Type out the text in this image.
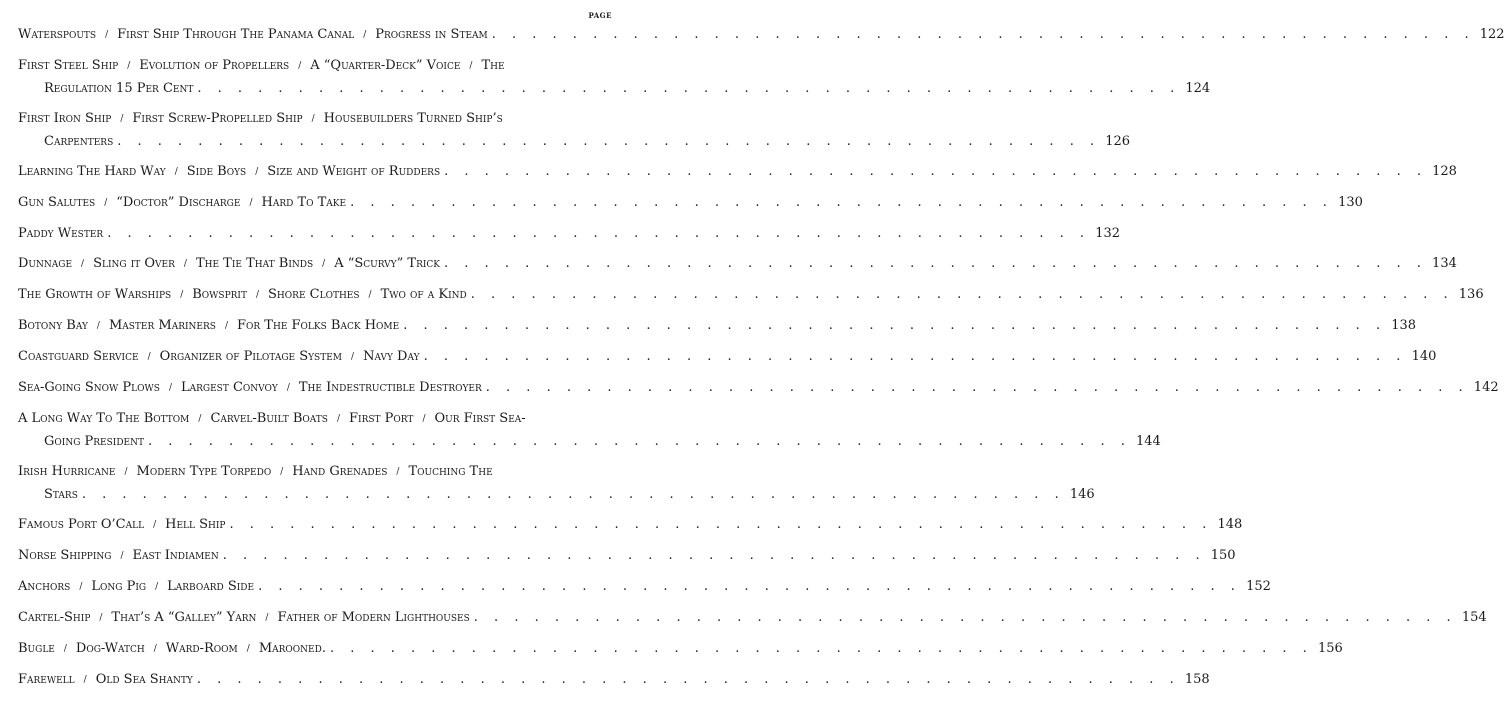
PAGE
Waterspouts / First Ship Through The Panama Canal / Progress in Steam . . . . . . . . . . . . . . . . . . . . . . . . . . . . . . . . . . . . . . . . . . . . . . . . . 122
First Steel Ship / Evolution of Propellers / A “Quarter-Deck” Voice / The
Regulation 15 Per Cent . . . . . . . . . . . . . . . . . . . . . . . . . . . . . . . . . . . . . . . . . . . . . . . . . 124
First Iron Ship / First Screw-Propelled Ship / Housebuilders Turned Ship’s
Carpenters . . . . . . . . . . . . . . . . . . . . . . . . . . . . . . . . . . . . . . . . . . . . . . . . . 126
Learning The Hard Way / Side Boys / Size and Weight of Rudders . . . . . . . . . . . . . . . . . . . . . . . . . . . . . . . . . . . . . . . . . . . . . . . . . 128
Gun Salutes / “Doctor” Discharge / Hard To Take . . . . . . . . . . . . . . . . . . . . . . . . . . . . . . . . . . . . . . . . . . . . . . . . . 130
Paddy Wester . . . . . . . . . . . . . . . . . . . . . . . . . . . . . . . . . . . . . . . . . . . . . . . . . 132
Dunnage / Sling it Over / The Tie That Binds / A “Scurvy” Trick . . . . . . . . . . . . . . . . . . . . . . . . . . . . . . . . . . . . . . . . . . . . . . . . . 134
The Growth of Warships / Bowsprit / Shore Clothes / Two of a Kind . . . . . . . . . . . . . . . . . . . . . . . . . . . . . . . . . . . . . . . . . . . . . . . . . 136
Botony Bay / Master Mariners / For The Folks Back Home . . . . . . . . . . . . . . . . . . . . . . . . . . . . . . . . . . . . . . . . . . . . . . . . . 138
Coastguard Service / Organizer of Pilotage System / Navy Day . . . . . . . . . . . . . . . . . . . . . . . . . . . . . . . . . . . . . . . . . . . . . . . . . 140
Sea-Going Snow Plows / Largest Convoy / The Indestructible Destroyer . . . . . . . . . . . . . . . . . . . . . . . . . . . . . . . . . . . . . . . . . . . . . . . . . 142
A Long Way To The Bottom / Carvel-Built Boats / First Port / Our First Sea-
Going President . . . . . . . . . . . . . . . . . . . . . . . . . . . . . . . . . . . . . . . . . . . . . . . . . 144
Irish Hurricane / Modern Type Torpedo / Hand Grenades / Touching The
Stars . . . . . . . . . . . . . . . . . . . . . . . . . . . . . . . . . . . . . . . . . . . . . . . . . 146
Famous Port O’Call / Hell Ship . . . . . . . . . . . . . . . . . . . . . . . . . . . . . . . . . . . . . . . . . . . . . . . . . 148
Norse Shipping / East Indiamen . . . . . . . . . . . . . . . . . . . . . . . . . . . . . . . . . . . . . . . . . . . . . . . . . 150
Anchors / Long Pig / Larboard Side . . . . . . . . . . . . . . . . . . . . . . . . . . . . . . . . . . . . . . . . . . . . . . . . . 152
Cartel-Ship / That’s A “Galley” Yarn / Father of Modern Lighthouses . . . . . . . . . . . . . . . . . . . . . . . . . . . . . . . . . . . . . . . . . . . . . . . . . 154
Bugle / Dog-Watch / Ward-Room / Marooned. . . . . . . . . . . . . . . . . . . . . . . . . . . . . . . . . . . . . . . . . . . . . . . . . . 156
Farewell / Old Sea Shanty . . . . . . . . . . . . . . . . . . . . . . . . . . . . . . . . . . . . . . . . . . . . . . . . . 158
